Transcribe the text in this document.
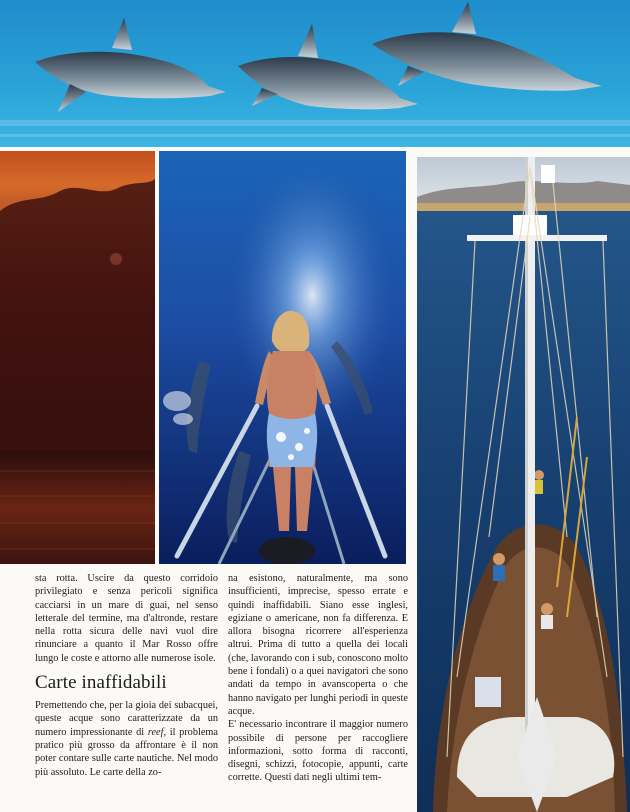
sta rotta. Uscire da questo corridoio privilegiato e senza pericoli significa cacciarsi in un mare di guai, nel senso letterale del termine, ma d'altronde, restare nella rotta sicura delle navi vuol dire rinunciare a quanto il Mar Rosso offre lungo le coste e attorno alle numerose isole.

Carte inaffidabili

Premettendo che, per la gioia dei subacquei, queste acque sono caratterizzate da un numero impressionante di reef, il problema pratico più grosso da affrontare è il non poter contare sulle carte nautiche. Nel modo più assoluto. Le carte della zo-

na esistono, naturalmente, ma sono insufficienti, imprecise, spesso errate e quindi inaffidabili. Siano esse inglesi, egiziane o americane, non fa differenza. E allora bisogna ricorrere all'esperienza altrui. Prima di tutto a quella dei locali (che, lavorando con i sub, conoscono molto bene i fondali) o a quei navigatori che sono andati da tempo in avanscoperta o che hanno navigato per lunghi periodi in queste acque.

E' necessario incontrare il maggior numero possibile di persone per raccogliere informazioni, sotto forma di racconti, disegni, schizzi, fotocopie, appunti, carte corrette. Questi dati negli ultimi tem-
